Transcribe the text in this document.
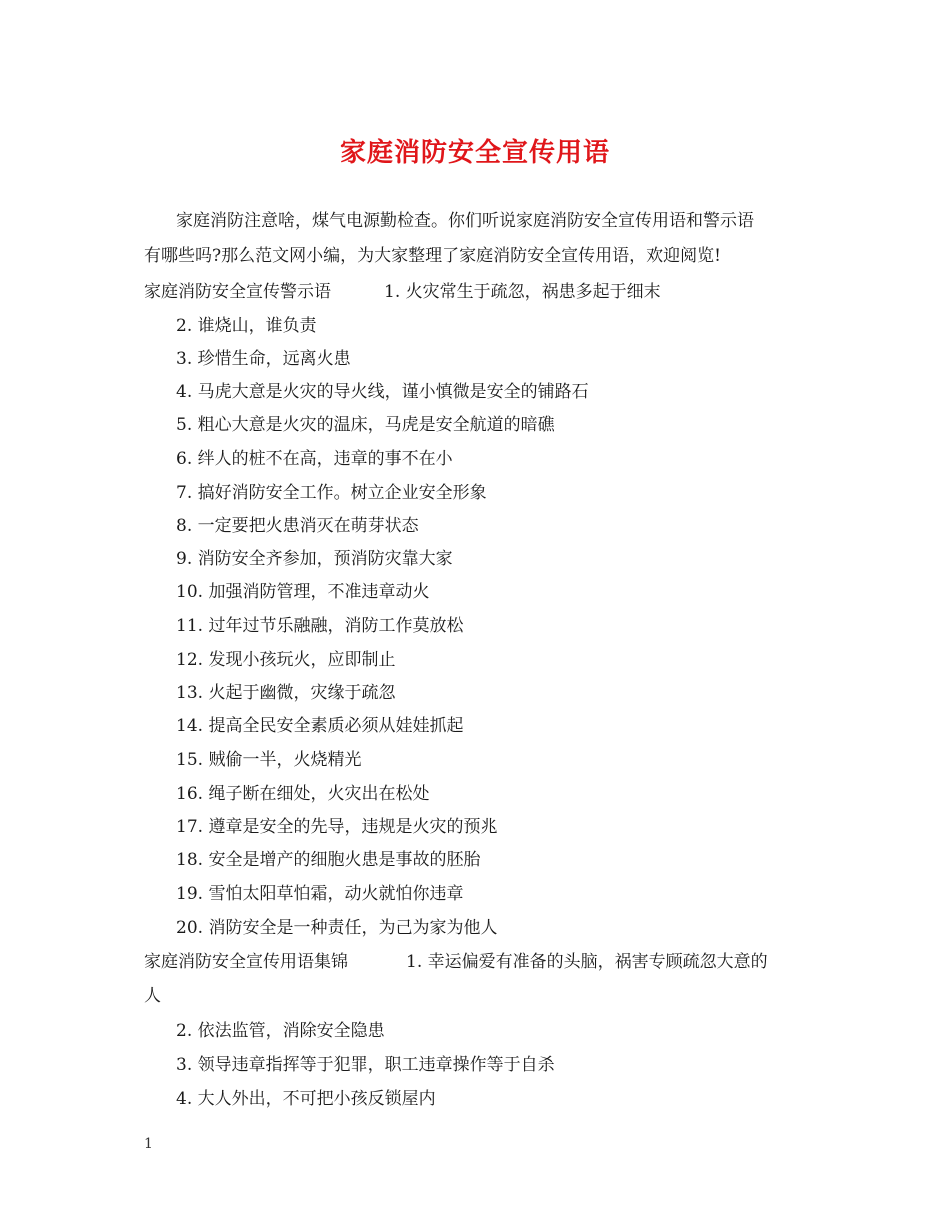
家庭消防安全宣传用语
家庭消防注意啥，煤气电源勤检查。你们听说家庭消防安全宣传用语和警示语
有哪些吗?那么范文网小编，为大家整理了家庭消防安全宣传用语，欢迎阅览!
家庭消防安全宣传警示语	1. 火灾常生于疏忽，祸患多起于细末
2. 谁烧山，谁负责
3. 珍惜生命，远离火患
4. 马虎大意是火灾的导火线，谨小慎微是安全的铺路石
5. 粗心大意是火灾的温床，马虎是安全航道的暗礁
6. 绊人的桩不在高，违章的事不在小
7. 搞好消防安全工作。树立企业安全形象
8. 一定要把火患消灭在萌芽状态
9. 消防安全齐参加，预消防灾靠大家
10. 加强消防管理，不准违章动火
11. 过年过节乐融融，消防工作莫放松
12. 发现小孩玩火，应即制止
13. 火起于幽微，灾缘于疏忽
14. 提高全民安全素质必须从娃娃抓起
15. 贼偷一半，火烧精光
16. 绳子断在细处，火灾出在松处
17. 遵章是安全的先导，违规是火灾的预兆
18. 安全是增产的细胞火患是事故的胚胎
19. 雪怕太阳草怕霜，动火就怕你违章
20. 消防安全是一种责任，为己为家为他人
家庭消防安全宣传用语集锦	1. 幸运偏爱有准备的头脑，祸害专顾疏忽大意的
人
2. 依法监管，消除安全隐患
3. 领导违章指挥等于犯罪，职工违章操作等于自杀
4. 大人外出，不可把小孩反锁屋内
1
